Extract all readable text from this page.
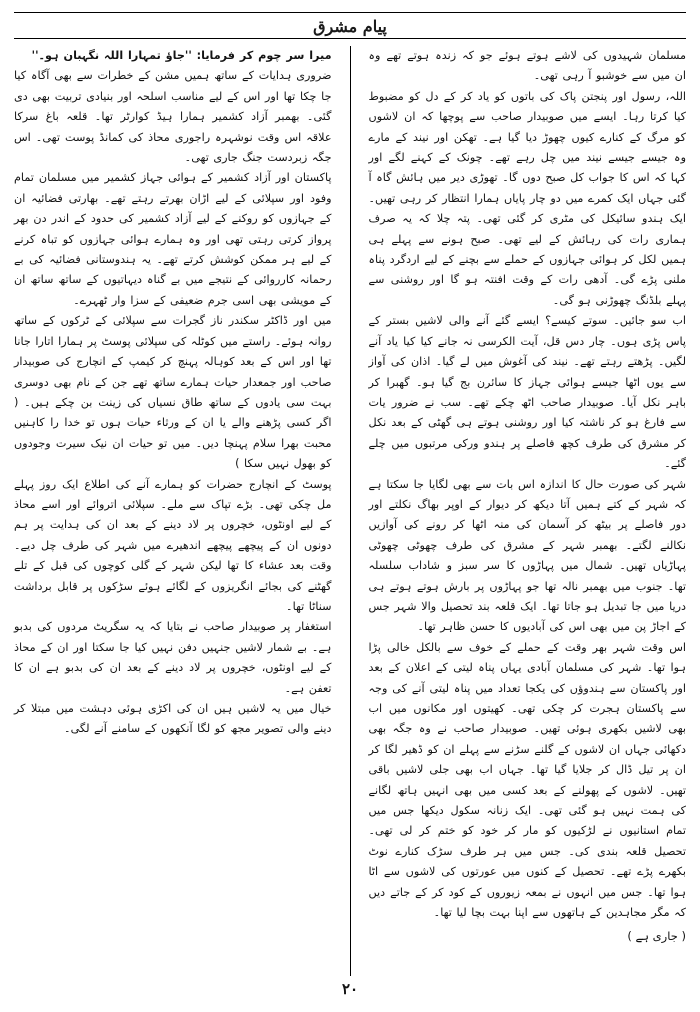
پیام مشرق

میرا سر چوم کر فرمایا: ''جاؤ تمہارا اللہ نگہبان ہو۔''

ضروری ہدایات کے ساتھ ہمیں مشن کے خطرات سے بھی آگاہ کیا جا چکا تھا اور اس کے لیے مناسب اسلحہ اور بنیادی تربیت بھی دی گئی۔ بھمبر آزاد کشمیر ہمارا ہیڈ کوارٹر تھا۔ قلعہ باغ سرکا علاقہ اس وقت نوشہرہ راجوری محاذ کی کمانڈ پوست تھی۔ اس جگہ زبردست جنگ جاری تھی۔

پاکستان اور آزاد کشمیر کے ہوائی جہاز کشمیر میں مسلمان تمام وفود اور سپلائی کے لیے اڑان بھرتے رہتے تھے۔ بھارتی فضائیہ ان کے جہازوں کو روکنے کے لیے آزاد کشمیر کی حدود کے اندر دن بھر پرواز کرتی رہتی تھی اور وہ ہمارے ہوائی جہازوں کو تباہ کرنے کے لیے ہر ممکن کوشش کرتے تھے۔ یہ ہندوستانی فضائیہ کی بے رحمانہ کارروائی کے نتیجے میں بے گناہ دیہاتیوں کے ساتھ ساتھ ان کے مویشی بھی اسی جرم ضعیفی کے سزا وار ٹھہرے۔

میں اور ڈاکٹر سکندر ناز گجرات سے سپلائی کے ٹرکوں کے ساتھ روانہ ہوئے۔ راستے میں کوٹلہ کی سپلائی پوسٹ پر ہمارا اتارا جانا تھا اور اس کے بعد کوہالہ پہنچ کر کیمپ کے انچارج کی صوبیدار صاحب اور جمعدار حیات ہمارے ساتھ تھے جن کے نام بھی دوسری بہت سی یادوں کے ساتھ طاق نسیاں کی زینت بن چکے ہیں۔ ( اگر کسی پڑھنے والے یا ان کے ورثاء حیات ہوں تو خدا را کاہنیں محبت بھرا سلام پہنچا دیں۔ میں تو حیات ان نیک سیرت وجودوں کو بھول نہیں سکا )

پوسٹ کے انچارج حضرات کو ہمارے آنے کی اطلاع ایک روز پہلے مل چکی تھی۔ بڑے تپاک سے ملے۔ سپلائی اتروائے اور اسے محاذ کے لیے اونٹوں، خچروں پر لاد دینے کے بعد ان کی ہدایت پر ہم دونوں ان کے پیچھے پیچھے اندھیرے میں شہر کی طرف چل دیے۔ وقت بعد عشاء کا تھا لیکن شہر کے گلی کوچوں کی قبل کے تلے گھٹنے کی بجائے انگریزوں کے لگائے ہوئے سڑکوں پر قابل برداشت سناٹا تھا۔

استغفار پر صوبیدار صاحب نے بتایا کہ یہ سگریٹ مردوں کی بدبو ہے۔ بے شمار لاشیں جنہیں دفن نہیں کیا جا سکتا اور ان کے محاذ کے لیے اونٹوں، خچروں پر لاد دینے کے بعد ان کی بدبو ہے ان کا تعفن ہے۔

خیال میں یہ لاشیں ہیں ان کی اکڑی ہوئی دہشت میں مبتلا کر دینے والی تصویر مجھ کو لگا آنکھوں کے سامنے آنے لگی۔

مسلمان شہیدوں کی لاشے ہوتے ہوئے جو کہ زندہ ہوتے تھے وہ ان میں سے خوشبو آ رہی تھی۔

اللہ، رسول اور پنجتن پاک کی باتوں کو یاد کر کے دل کو مضبوط کیا کرتا رہا۔ ایسے میں صوبیدار صاحب سے پوچھا کہ ان لاشوں کو مرگ کے کنارے کیوں چھوڑ دیا گیا ہے۔ تھکن اور نیند کے مارے وہ جیسے جیسے نیند میں چل رہے تھے۔ چونک کے کہنے لگے اور کہا کہ اس کا جواب کل صبح دوں گا۔ تھوڑی دیر میں ہائش گاہ آ گئی جہاں ایک کمرے میں دو چار پایاں ہمارا انتظار کر رہی تھیں۔ ایک ہندو سائیکل کی مٹری کر گئی تھی۔ پتہ چلا کہ یہ صرف ہماری رات کی رہائش کے لیے تھی۔ صبح ہونے سے پہلے ہی ہمیں لکل کر ہوائی جہازوں کے حملے سے بچنے کے لیے اردگرد پناہ ملنی پڑے گی۔ آدھی رات کے وقت افنتہ ہو گا اور روشنی سے پہلے بلڈنگ چھوڑنی ہو گی۔

اب سو جائیں۔ سوتے کیسے؟ ایسے گئے آنے والی لاشیں بستر کے پاس پڑی ہوں۔ چار دس قل، آیت الکرسی نہ جانے کیا کیا یاد آنے لگیں۔ پڑھتے رہتے تھے۔ نیند کی آغوش میں لے گیا۔ اذان کی آواز سے یوں اٹھا جیسے ہوائی جہاز کا سائرن بج گیا ہو۔ گھبرا کر باہر نکل آیا۔ صوبیدار صاحب اٹھ چکے تھے۔ سب نے ضرور یات سے فارغ ہو کر ناشتہ کیا اور روشنی ہوتے ہی گھٹی کے بعد نکل کر مشرق کی طرف کچھ فاصلے پر ہندو ورکی مرتبوں میں چلے گئے۔

شہر کی صورت حال کا اندازہ اس بات سے بھی لگایا جا سکتا ہے کہ شہر کے کتے ہمیں آتا دیکھ کر دیوار کے اوپر بھاگ نکلتے اور دور فاصلے پر بیٹھ کر آسمان کی منہ اٹھا کر رونے کی آوازیں نکالنے لگتے۔ بھمبر شہر کے مشرق کی طرف چھوٹی چھوٹی پہاڑیاں تھیں۔ شمال میں پہاڑوں کا سر سبز و شاداب سلسلہ تھا۔ جنوب میں بھمبر نالہ تھا جو پہاڑوں پر بارش ہوتے ہوتے ہی دریا میں جا تبدیل ہو جاتا تھا۔ ایک قلعہ بند تحصیل والا شہر جس کے اجاڑ پن میں بھی اس کی آبادیوں کا حسن ظاہر تھا۔

اس وقت شہر بھر وقت کے حملے کے خوف سے بالکل خالی پڑا ہوا تھا۔ شہر کی مسلمان آبادی یہاں پناہ لیتی کے اعلان کے بعد اور پاکستان سے ہندوؤں کی یکجا تعداد میں پناہ لیتی آنے کی وجہ سے پاکستان ہجرت کر چکی تھی۔ کھیتوں اور مکانوں میں اب بھی لاشیں بکھری ہوئی تھیں۔ صوبیدار صاحب نے وہ جگہ بھی دکھائی جہاں ان لاشوں کے گلنے سڑنے سے پہلے ان کو ڈھیر لگا کر ان پر تیل ڈال کر جلایا گیا تھا۔ جہاں اب بھی جلی لاشیں باقی تھیں۔ لاشوں کے پھولنے کے بعد کسی میں بھی انہیں ہاتھ لگانے کی ہمت نہیں ہو گئی تھی۔ ایک زنانہ سکول دیکھا جس میں تمام استانیوں نے لڑکیوں کو مار کر خود کو ختم کر لی تھی۔ تحصیل قلعہ بندی کی۔ جس میں ہر طرف سڑک کنارے نوٹ بکھرے پڑے تھے۔ تحصیل کے کنوں میں عورتوں کی لاشوں سے اٹا ہوا تھا۔ جس میں انہوں نے بمعہ زیوروں کے کود کر کے جاتے دیں کہ مگر مجاہدین کے ہاتھوں سے اپنا بہت بچا لیا تھا۔

( جاری ہے )
۲۰
